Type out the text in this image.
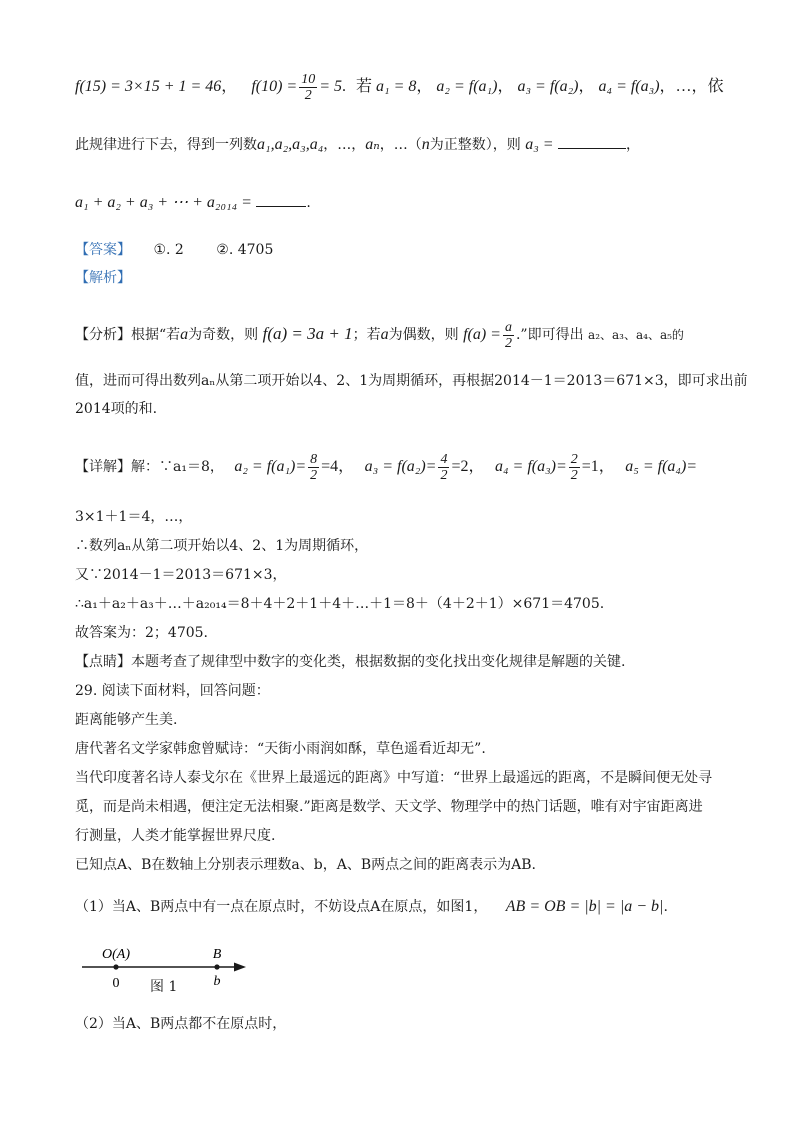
f(15) = 3×15 + 1 = 46， $f(10) = \frac{10}{2} = 5$. 若 a₁ = 8， a₂ = f(a₁)， a₃ = f(a₂)， a₄ = f(a₃)，…，依
此规律进行下去，得到一列数a₁,a₂,a₃,a₄，…，aₙ，…（n为正整数），则 a₃ =	，
a₁ + a₂ + a₃ + ⋯ + a₂₀₁₄ =	.
【答案】 ①. 2 ②. 4705
【解析】
【分析】根据“若a为奇数，则 f(a) = 3a + 1；若a为偶数，则 $f(a) = \frac{a}{2}$ .”即可得出 a₂、a₃、a₄、a₅的
值，进而可得出数列aₙ从第二项开始以4、2、1为周期循环，再根据2014－1＝2013＝671×3，即可求出前
2014项的和.
【详解】解：∵a₁＝8， $a_2 = f(a_1)= \frac{8}{2} =4$， $a_3 = f(a_2)= \frac{4}{2} =2$， $a_4 = f(a_3)= \frac{2}{2} =1$， a₅ = f(a₄)=
3×1＋1＝4，…，
∴数列aₙ从第二项开始以4、2、1为周期循环，
又∵2014－1＝2013＝671×3，
∴a₁＋a₂＋a₃＋…＋a₂₀₁₄＝8＋4＋2＋1＋4＋…＋1＝8＋（4＋2＋1）×671＝4705.
故答案为：2；4705.
【点睛】本题考查了规律型中数字的变化类，根据数据的变化找出变化规律是解题的关键.
29. 阅读下面材料，回答问题：
距离能够产生美.
唐代著名文学家韩愈曾赋诗：“天街小雨润如酥，草色遥看近却无”.
当代印度著名诗人泰戈尔在《世界上最遥远的距离》中写道：“世界上最遥远的距离，不是瞬间便无处寻
觅，而是尚未相遇，便注定无法相聚.”距离是数学、天文学、物理学中的热门话题，唯有对宇宙距离进
行测量，人类才能掌握世界尺度.
已知点A、B在数轴上分别表示理数a、b，A、B两点之间的距离表示为AB.
（1）当A、B两点中有一点在原点时，不妨设点A在原点，如图1， AB = OB = |b| = |a − b|.
O(A)	B
0	b
图 1
（2）当A、B两点都不在原点时，
